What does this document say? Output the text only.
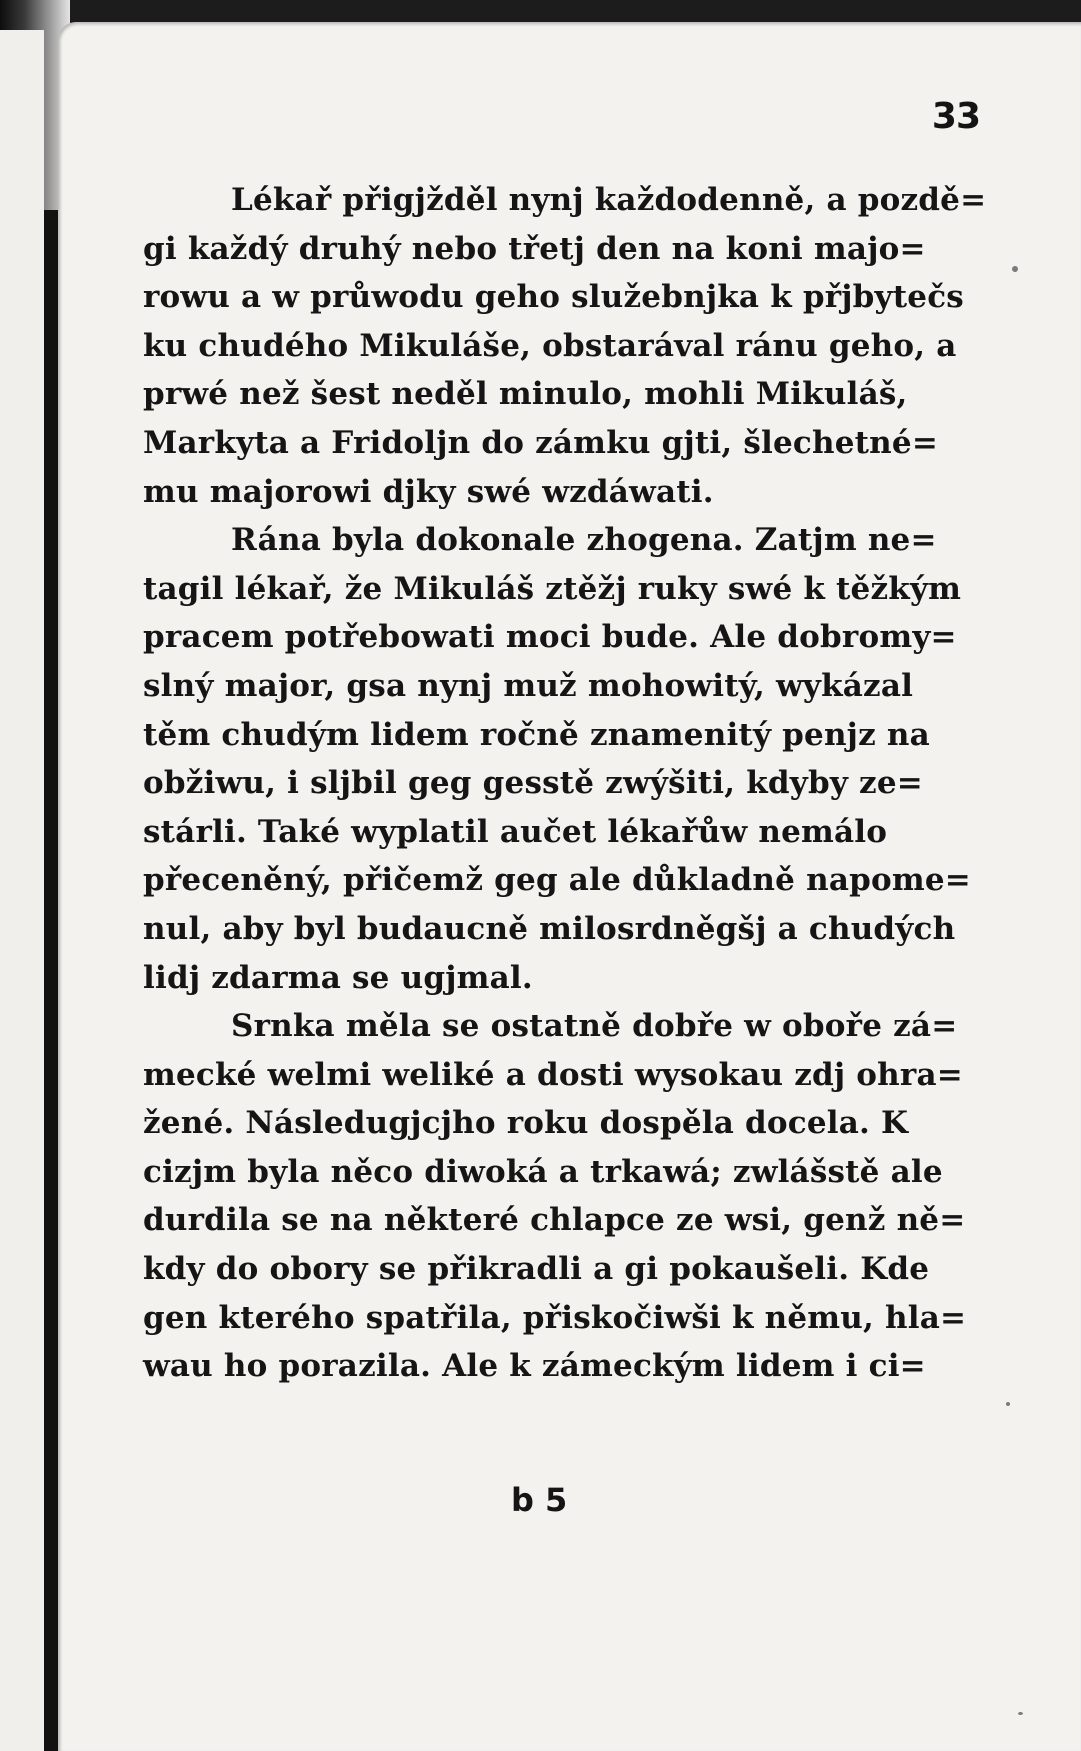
33
Lékař přigjžděl nynj každodenně, a pozdě=
gi každý druhý nebo třetj den na koni majo=
rowu a w průwodu geho služebnjka k přjbytečs
ku chudého Mikuláše, obstarával ránu geho, a
prwé než šest neděl minulo, mohli Mikuláš,
Markyta a Fridoljn do zámku gjti, šlechetné=
mu majorowi djky swé wzdáwati.
Rána byla dokonale zhogena. Zatjm ne=
tagil lékař, že Mikuláš ztěžj ruky swé k těžkým
pracem potřebowati moci bude. Ale dobromy=
slný major, gsa nynj muž mohowitý, wykázal
těm chudým lidem ročně znamenitý penjz na
obžiwu, i sljbil geg gesstě zwýšiti, kdyby ze=
stárli. Také wyplatil aučet lékařůw nemálo
přeceněný, přičemž geg ale důkladně napome=
nul, aby byl budaucně milosrdněgšj a chudých
lidj zdarma se ugjmal.
Srnka měla se ostatně dobře w oboře zá=
mecké welmi weliké a dosti wysokau zdj ohra=
žené. Následugjcjho roku dospěla docela. K
cizjm byla něco diwoká a trkawá; zwlášstě ale
durdila se na některé chlapce ze wsi, genž ně=
kdy do obory se přikradli a gi pokaušeli. Kde
gen kterého spatřila, přiskočiwši k němu, hla=
wau ho porazila. Ale k zámeckým lidem i ci=
b 5
